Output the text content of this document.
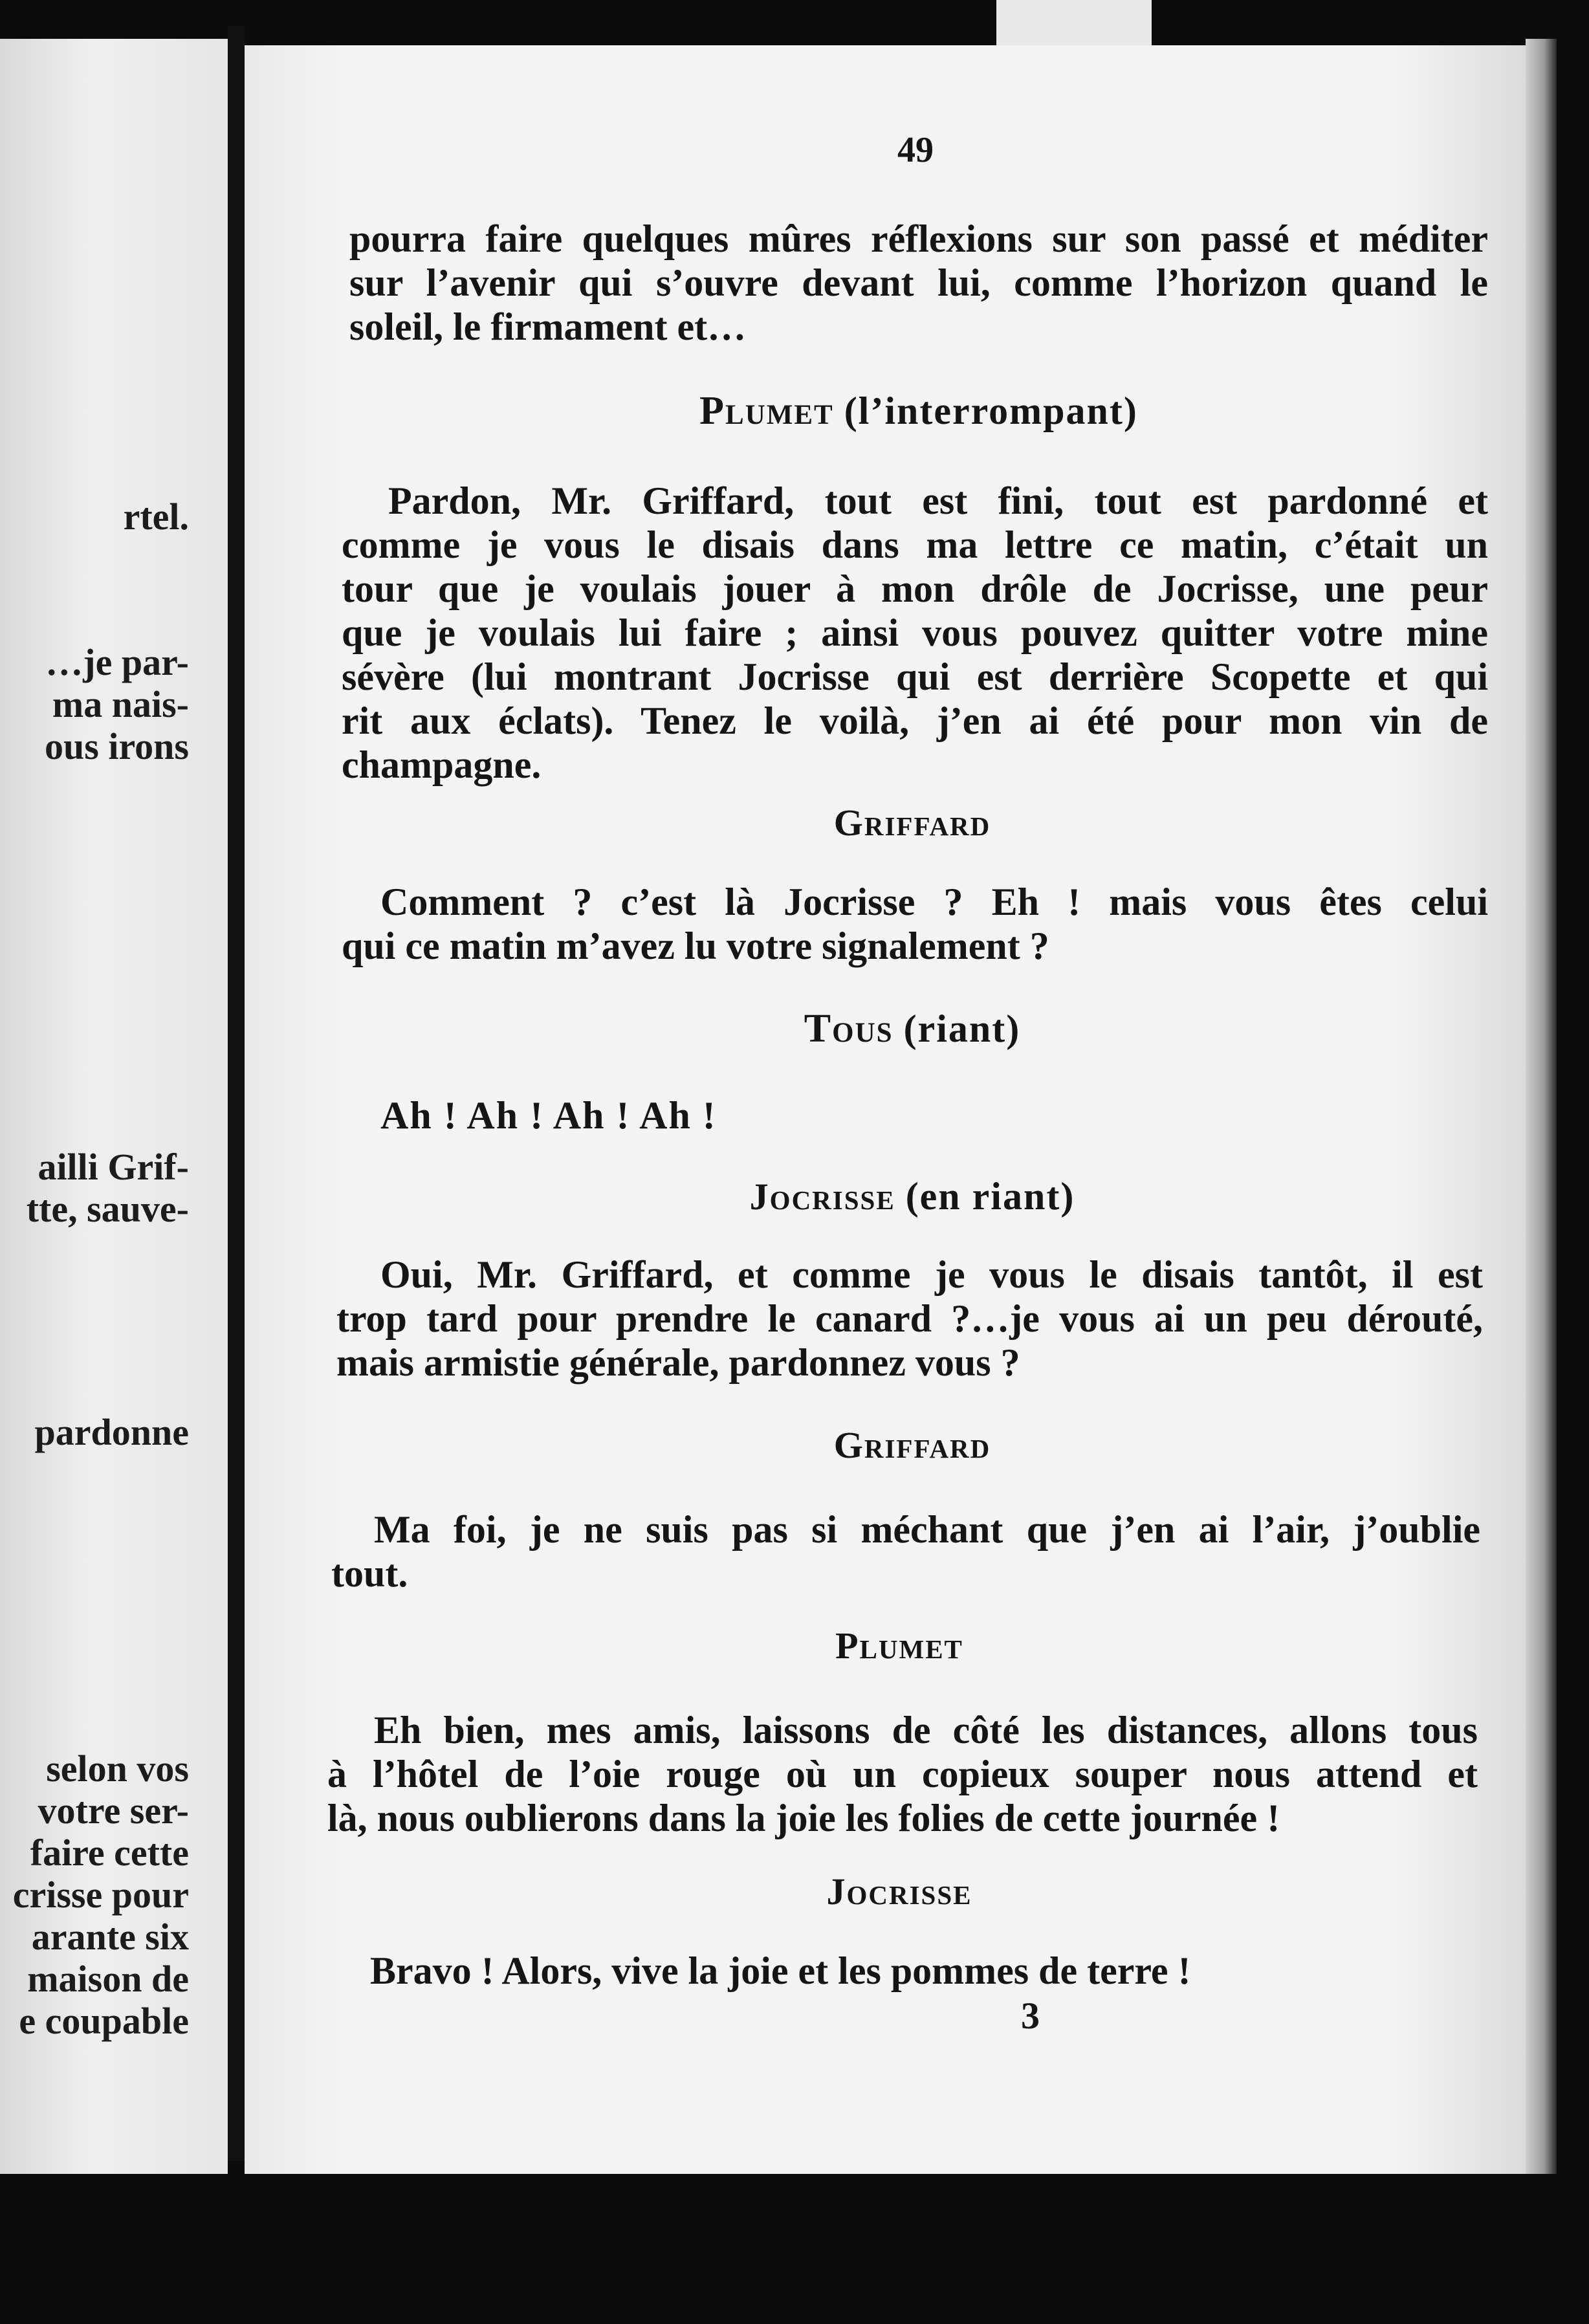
rtel.
…je par-
ma nais-
ous irons
ailli Grif-
tte, sauve-
pardonne
selon vos
votre ser-
faire cette
crisse pour
arante six
maison de
e coupable
49
pourra faire quelques mûres réflexions sur son passé et méditer
sur l’avenir qui s’ouvre devant lui, comme l’horizon quand le
soleil, le firmament et…
Plumet (l’interrompant)
Pardon, Mr. Griffard, tout est fini, tout est pardonné et
comme je vous le disais dans ma lettre ce matin, c’était un
tour que je voulais jouer à mon drôle de Jocrisse, une peur
que je voulais lui faire ; ainsi vous pouvez quitter votre mine
sévère (lui montrant Jocrisse qui est derrière Scopette et qui
rit aux éclats). Tenez le voilà, j’en ai été pour mon vin de
champagne.
Griffard
Comment ? c’est là Jocrisse ? Eh ! mais vous êtes celui
qui ce matin m’avez lu votre signalement ?
Tous (riant)
Ah ! Ah ! Ah ! Ah !
Jocrisse (en riant)
Oui, Mr. Griffard, et comme je vous le disais tantôt, il est
trop tard pour prendre le canard ?…je vous ai un peu dérouté,
mais armistie générale, pardonnez vous ?
Griffard
Ma foi, je ne suis pas si méchant que j’en ai l’air, j’oublie
tout.
Plumet
Eh bien, mes amis, laissons de côté les distances, allons tous
à l’hôtel de l’oie rouge où un copieux souper nous attend et
là, nous oublierons dans la joie les folies de cette journée !
Jocrisse
Bravo ! Alors, vive la joie et les pommes de terre !
3
